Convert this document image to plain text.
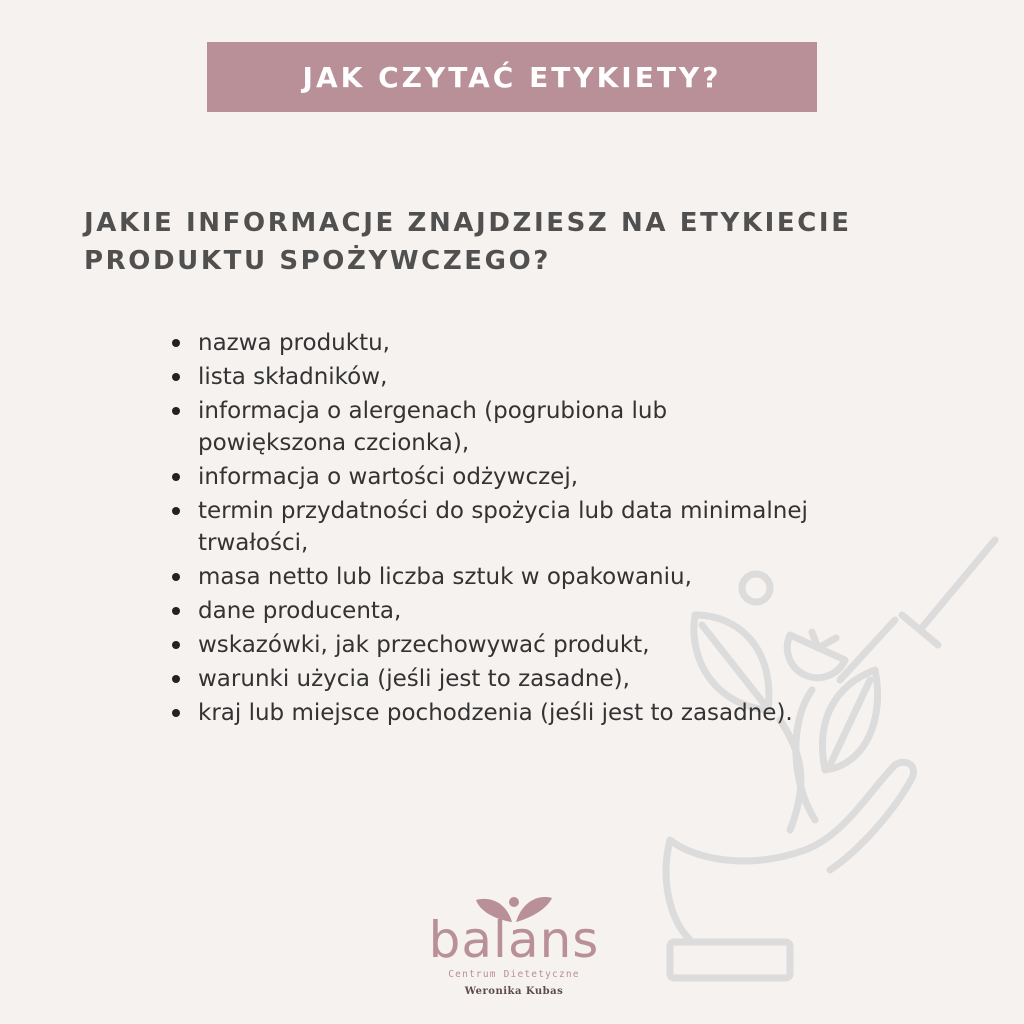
JAK CZYTAĆ ETYKIETY?
JAKIE INFORMACJE ZNAJDZIESZ NA ETYKIECIE
PRODUKTU SPOŻYWCZEGO?
nazwa produktu,
lista składników,
informacja o alergenach (pogrubiona lub
powiększona czcionka),
informacja o wartości odżywczej,
termin przydatności do spożycia lub data minimalnej
trwałości,
masa netto lub liczba sztuk w opakowaniu,
dane producenta,
wskazówki, jak przechowywać produkt,
warunki użycia (jeśli jest to zasadne),
kraj lub miejsce pochodzenia (jeśli jest to zasadne).
balans
Centrum Dietetyczne
Weronika Kubas
